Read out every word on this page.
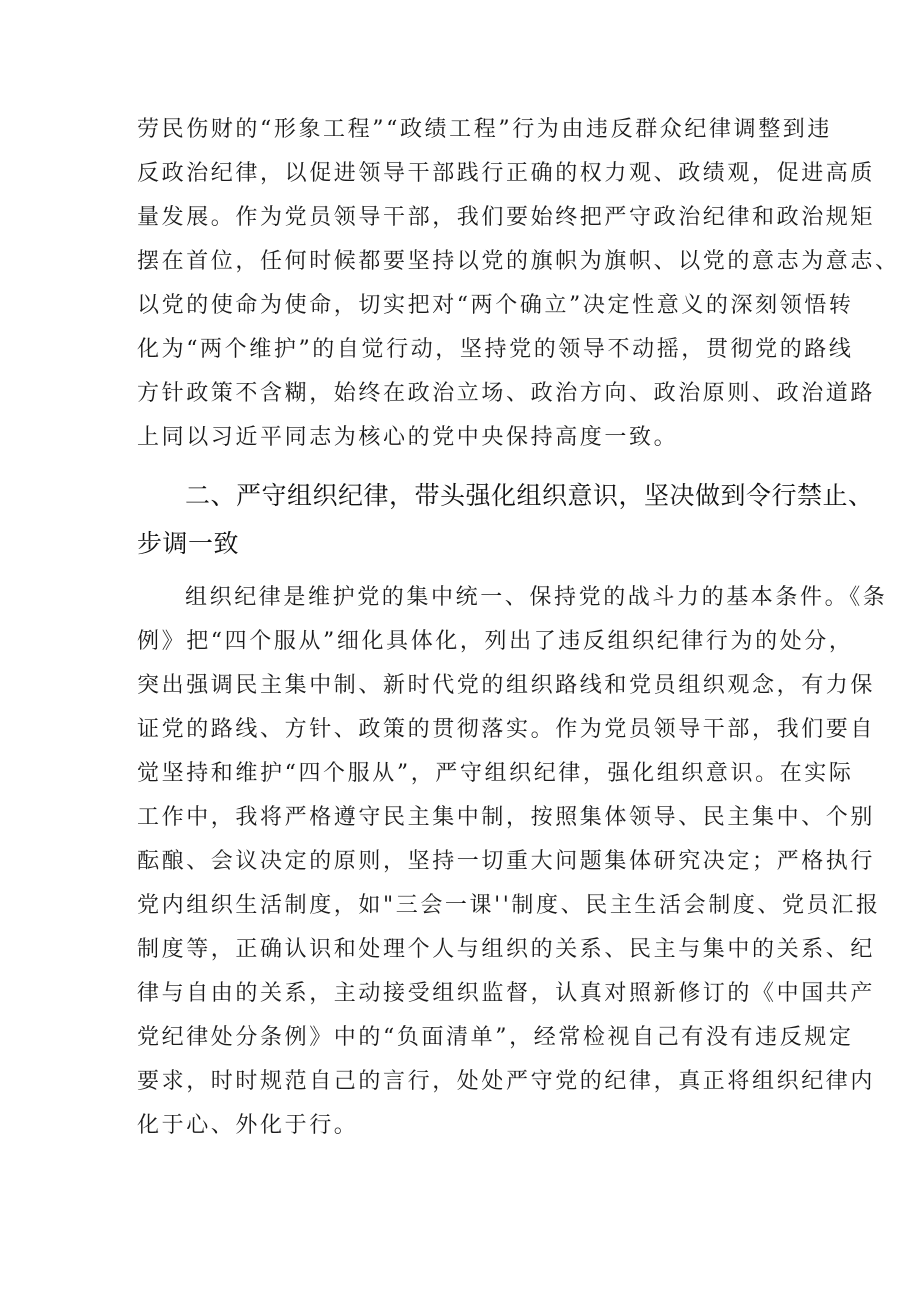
劳民伤财的“形象工程”“政绩工程”行为由违反群众纪律调整到违
反政治纪律，以促进领导干部践行正确的权力观、政绩观，促进高质
量发展。作为党员领导干部，我们要始终把严守政治纪律和政治规矩
摆在首位，任何时候都要坚持以党的旗帜为旗帜、以党的意志为意志、
以党的使命为使命，切实把对“两个确立”决定性意义的深刻领悟转
化为“两个维护”的自觉行动，坚持党的领导不动摇，贯彻党的路线
方针政策不含糊，始终在政治立场、政治方向、政治原则、政治道路
上同以习近平同志为核心的党中央保持高度一致。
二、严守组织纪律，带头强化组织意识，坚决做到令行禁止、
步调一致
组织纪律是维护党的集中统一、保持党的战斗力的基本条件。《条
例》把“四个服从”细化具体化，列出了违反组织纪律行为的处分，
突出强调民主集中制、新时代党的组织路线和党员组织观念，有力保
证党的路线、方针、政策的贯彻落实。作为党员领导干部，我们要自
觉坚持和维护“四个服从”，严守组织纪律，强化组织意识。在实际
工作中，我将严格遵守民主集中制，按照集体领导、民主集中、个别
酝酿、会议决定的原则，坚持一切重大问题集体研究决定；严格执行
党内组织生活制度，如"三会一课''制度、民主生活会制度、党员汇报
制度等，正确认识和处理个人与组织的关系、民主与集中的关系、纪
律与自由的关系，主动接受组织监督，认真对照新修订的《中国共产
党纪律处分条例》中的“负面清单”，经常检视自己有没有违反规定
要求，时时规范自己的言行，处处严守党的纪律，真正将组织纪律内
化于心、外化于行。
